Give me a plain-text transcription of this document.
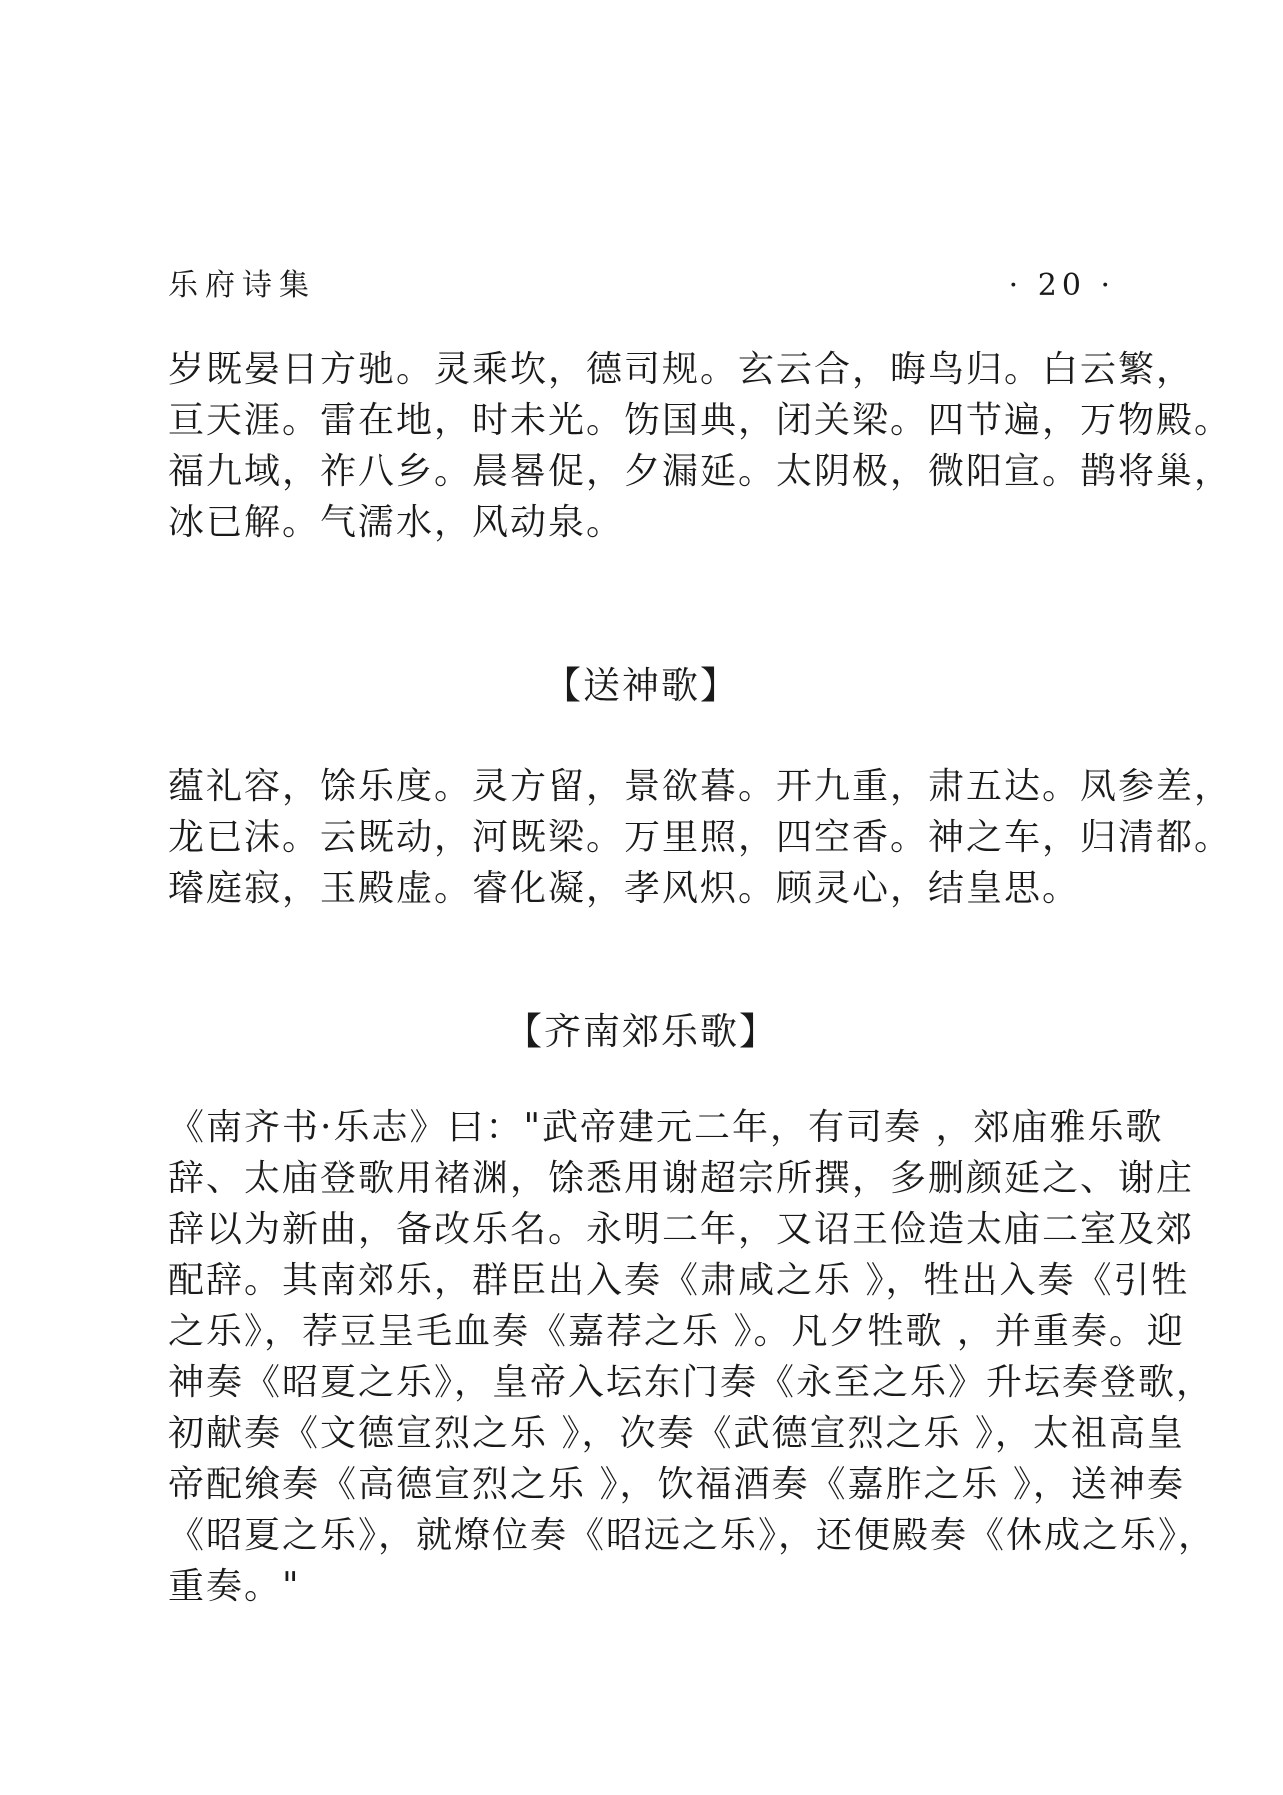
乐府诗集	· 20 ·
岁既晏日方驰。灵乘坎，德司规。玄云合，晦鸟归。白云繁，
亘天涯。雷在地，时未光。饬国典，闭关梁。四节遍，万物殿。
福九域，祚八乡。晨晷促，夕漏延。太阴极，微阳宣。鹊将巢，
冰已解。气濡水，风动泉。
【送神歌】
蕴礼容，馀乐度。灵方留，景欲暮。开九重，肃五达。凤参差，
龙已沫。云既动，河既梁。万里照，四空香。神之车，归清都。
璿庭寂，玉殿虚。睿化凝，孝风炽。顾灵心，结皇思。
【齐南郊乐歌】
《南齐书·乐志》曰："武帝建元二年，有司奏 ，郊庙雅乐歌
辞、太庙登歌用褚渊，馀悉用谢超宗所撰，多删颜延之、谢庄
辞以为新曲，备改乐名。永明二年，又诏王俭造太庙二室及郊
配辞。其南郊乐，群臣出入奏《肃咸之乐 》，牲出入奏《引牲
之乐》，荐豆呈毛血奏《嘉荐之乐 》。凡夕牲歌 ，并重奏。迎
神奏《昭夏之乐》，皇帝入坛东门奏《永至之乐》升坛奏登歌，
初献奏《文德宣烈之乐 》，次奏《武德宣烈之乐 》，太祖高皇
帝配飨奏《高德宣烈之乐 》，饮福酒奏《嘉胙之乐 》，送神奏
《昭夏之乐》，就燎位奏《昭远之乐》，还便殿奏《休成之乐》，
重奏。"
